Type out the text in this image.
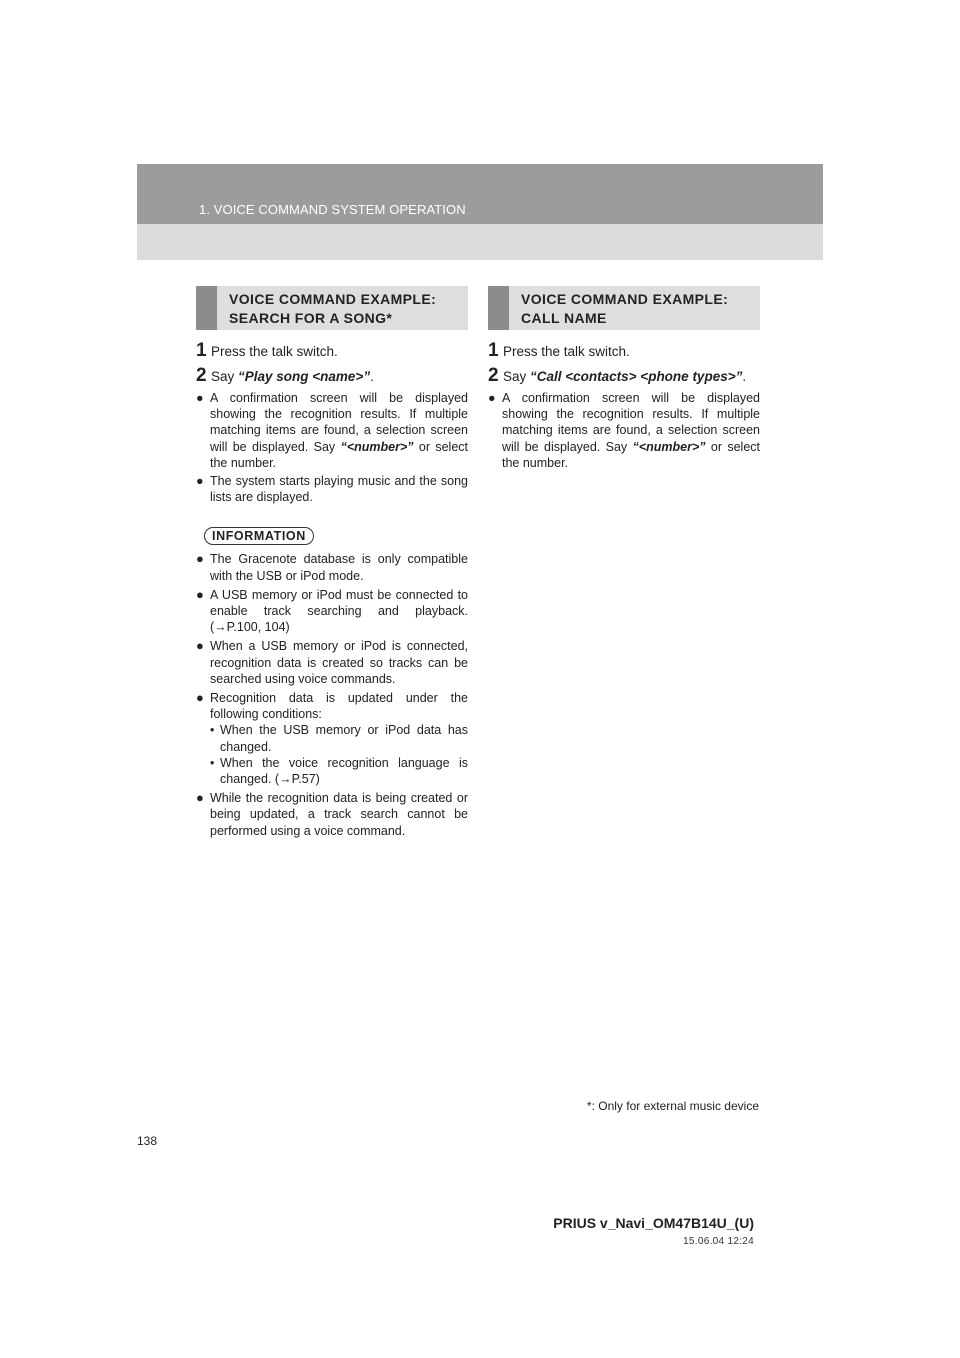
1. VOICE COMMAND SYSTEM OPERATION
VOICE COMMAND EXAMPLE:
SEARCH FOR A SONG*
1 Press the talk switch.
2 Say “Play song <name>”.
● A confirmation screen will be displayed showing the recognition results. If multiple matching items are found, a selection screen will be displayed. Say “<number>” or select the number.
● The system starts playing music and the song lists are displayed.
INFORMATION
● The Gracenote database is only compatible with the USB or iPod mode.
● A USB memory or iPod must be connected to enable track searching and playback. (→P.100, 104)
● When a USB memory or iPod is connected, recognition data is created so tracks can be searched using voice commands.
● Recognition data is updated under the following conditions:
• When the USB memory or iPod data has changed.
• When the voice recognition language is changed. (→P.57)
● While the recognition data is being created or being updated, a track search cannot be performed using a voice command.
VOICE COMMAND EXAMPLE:
CALL NAME
1 Press the talk switch.
2 Say “Call <contacts> <phone types>”.
● A confirmation screen will be displayed showing the recognition results. If multiple matching items are found, a selection screen will be displayed. Say “<number>” or select the number.
*: Only for external music device
138
PRIUS v_Navi_OM47B14U_(U)
15.06.04 12:24
